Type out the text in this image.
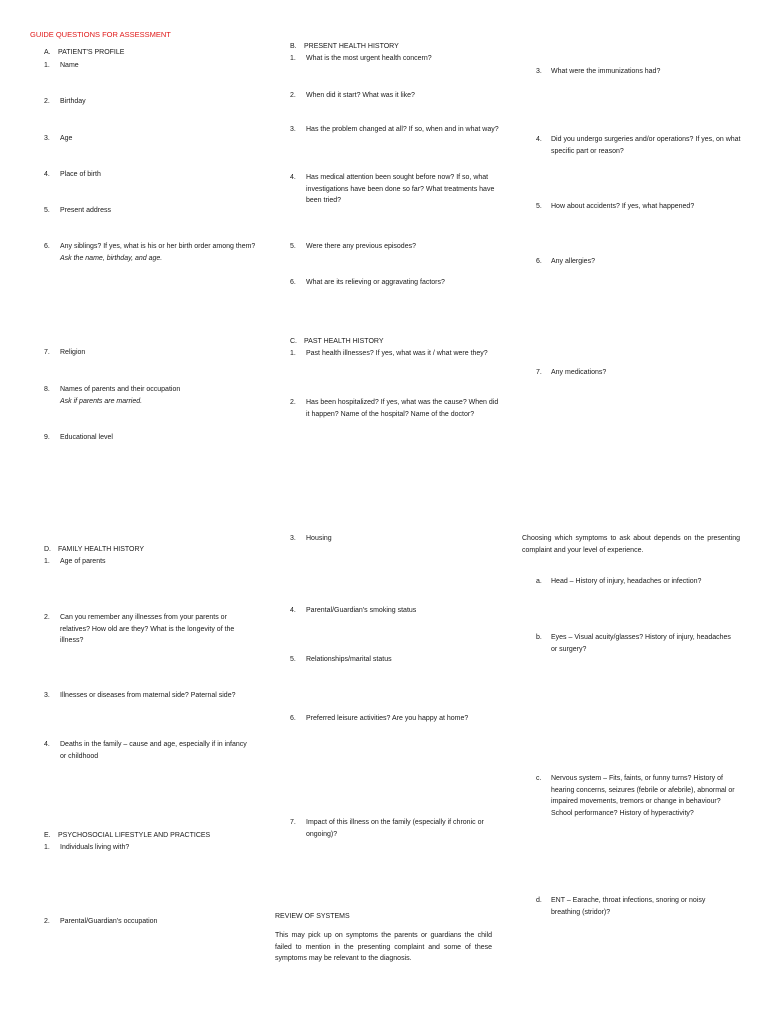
GUIDE QUESTIONS FOR ASSESSMENT
A. PATIENT'S PROFILE
1.	Name
2.	Birthday
3.	Age
4.	Place of birth
5.	Present address
6.	Any siblings? If yes, what is his or her birth order among them?
Ask the name, birthday, and age.
7.	Religion
8.	Names of parents and their occupation
Ask if parents are married.
9.	Educational level
D. FAMILY HEALTH HISTORY
1.	Age of parents
2.	Can you remember any illnesses from your parents or relatives? How old are they? What is the longevity of the illness?
3.	Illnesses or diseases from maternal side? Paternal side?
4.	Deaths in the family – cause and age, especially if in infancy or childhood
E. PSYCHOSOCIAL LIFESTYLE AND PRACTICES
1.	Individuals living with?
2.	Parental/Guardian's occupation
B. PRESENT HEALTH HISTORY
1.	What is the most urgent health concern?
2.	When did it start? What was it like?
3.	Has the problem changed at all? If so, when and in what way?
4.	Has medical attention been sought before now? If so, what investigations have been done so far? What treatments have been tried?
5.	Were there any previous episodes?
6.	What are its relieving or aggravating factors?
C. PAST HEALTH HISTORY
1.	Past health illnesses? If yes, what was it / what were they?
2.	Has been hospitalized? If yes, what was the cause? When did it happen? Name of the hospital? Name of the doctor?
3.	Housing
4.	Parental/Guardian's smoking status
5.	Relationships/marital status
6.	Preferred leisure activities? Are you happy at home?
7.	Impact of this illness on the family (especially if chronic or ongoing)?
REVIEW OF SYSTEMS
This may pick up on symptoms the parents or guardians the child failed to mention in the presenting complaint and some of these symptoms may be relevant to the diagnosis.
3.	What were the immunizations had?
4.	Did you undergo surgeries and/or operations? If yes, on what specific part or reason?
5.	How about accidents? If yes, what happened?
6.	Any allergies?
7.	Any medications?
Choosing which symptoms to ask about depends on the presenting complaint and your level of experience.
a.	Head – History of injury, headaches or infection?
b.	Eyes – Visual acuity/glasses? History of injury, headaches or surgery?
c.	Nervous system – Fits, faints, or funny turns? History of hearing concerns, seizures (febrile or afebrile), abnormal or impaired movements, tremors or change in behaviour? School performance? History of hyperactivity?
d.	ENT – Earache, throat infections, snoring or noisy breathing (stridor)?
